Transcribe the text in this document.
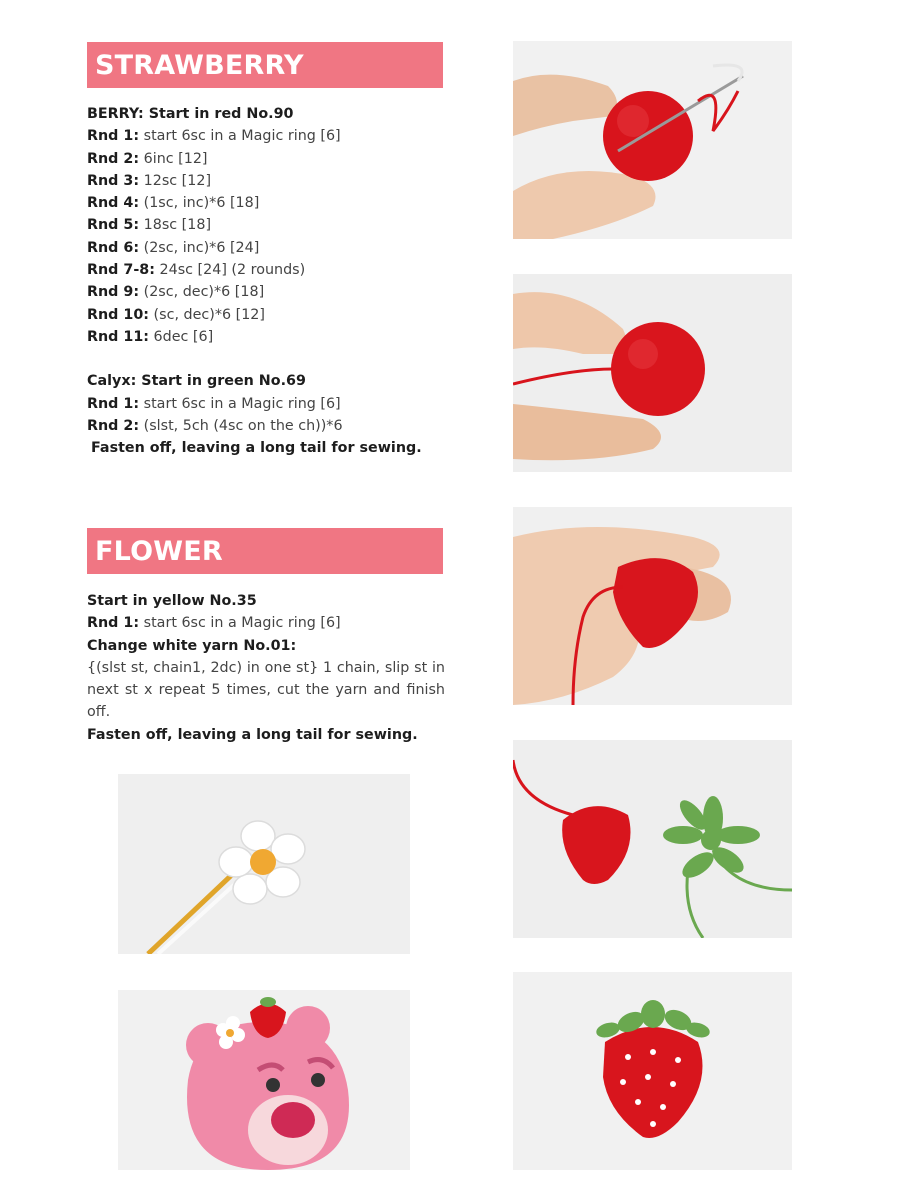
STRAWBERRY
BERRY: Start in red No.90
Rnd 1: start 6sc in a Magic ring [6]
Rnd 2: 6inc [12]
Rnd 3: 12sc [12]
Rnd 4: (1sc, inc)*6 [18]
Rnd 5: 18sc [18]
Rnd 6: (2sc, inc)*6 [24]
Rnd 7-8: 24sc [24] (2 rounds)
Rnd 9: (2sc, dec)*6 [18]
Rnd 10: (sc, dec)*6 [12]
Rnd 11: 6dec [6]
Calyx: Start in green No.69
Rnd 1: start 6sc in a Magic ring [6]
Rnd 2: (slst, 5ch (4sc on the ch))*6
Fasten off, leaving a long tail for sewing.
FLOWER
Start in yellow No.35
Rnd 1: start 6sc in a Magic ring [6]
Change white yarn No.01:
{(slst st, chain1, 2dc) in one st} 1 chain, slip st in next st x repeat 5 times, cut the yarn and finish off.
Fasten off, leaving a long tail for sewing.
